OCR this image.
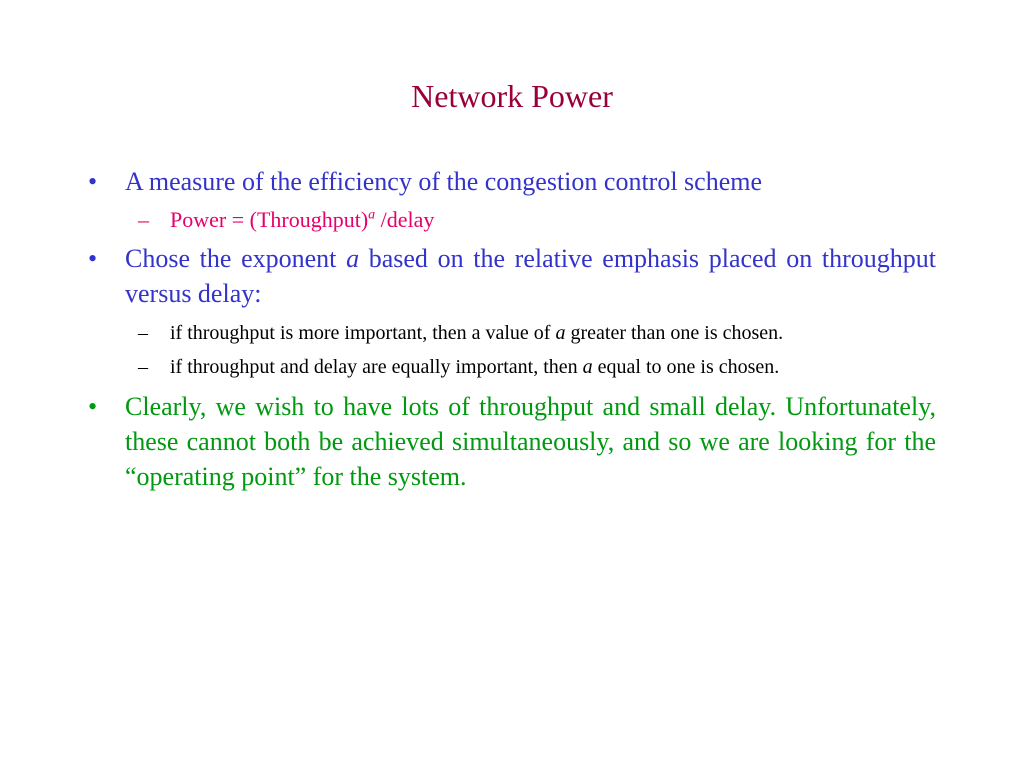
Network Power
• A measure of the efficiency of the congestion control scheme
– Power = (Throughput)$^a$ /delay
• Chose the exponent a based on the relative emphasis placed on throughput versus delay:
– if throughput is more important, then a value of a greater than one is chosen.
– if throughput and delay are equally important, then a equal to one is chosen.
• Clearly, we wish to have lots of throughput and small delay. Unfortunately, these cannot both be achieved simultaneously, and so we are looking for the “operating point” for the system.
